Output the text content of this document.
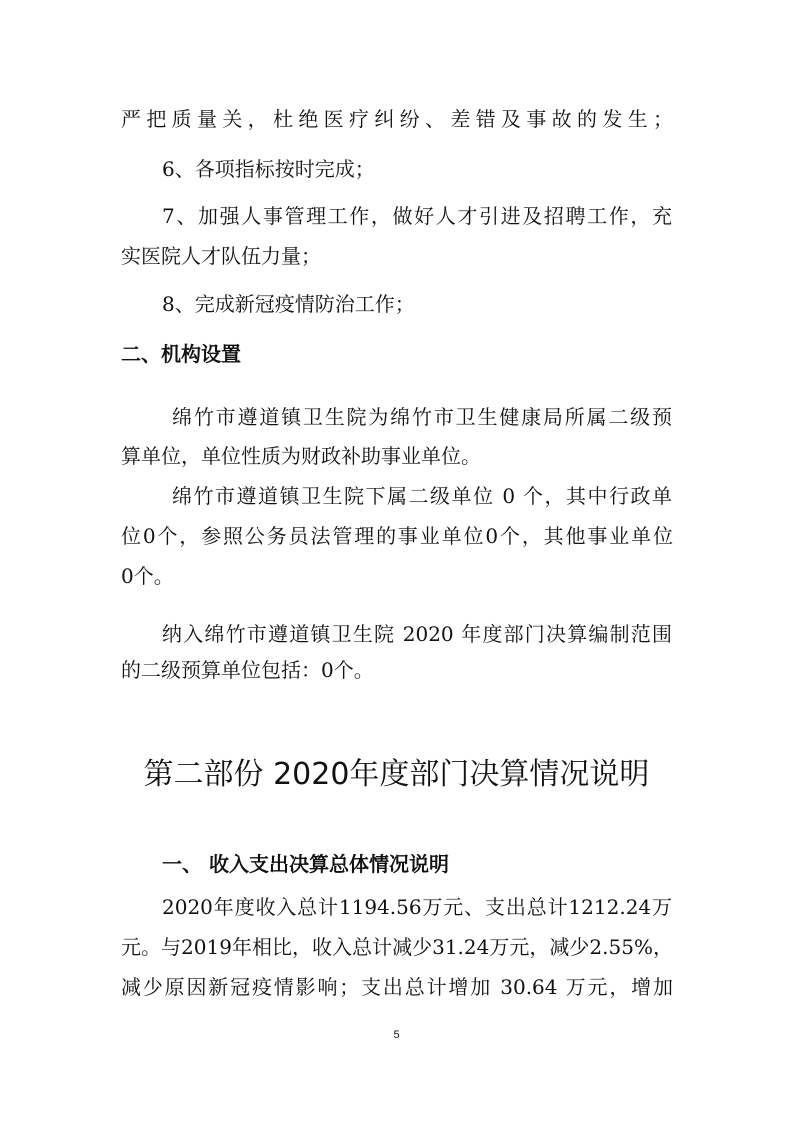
严把质量关，杜绝医疗纠纷、差错及事故的发生；
6、各项指标按时完成；
7、加强人事管理工作，做好人才引进及招聘工作，充
实医院人才队伍力量；
8、完成新冠疫情防治工作；
二、机构设置
绵竹市遵道镇卫生院为绵竹市卫生健康局所属二级预
算单位，单位性质为财政补助事业单位。
绵竹市遵道镇卫生院下属二级单位 0 个，其中行政单
位0个，参照公务员法管理的事业单位0个，其他事业单位
0个。
纳入绵竹市遵道镇卫生院 2020 年度部门决算编制范围
的二级预算单位包括：0个。
第二部份 2020年度部门决算情况说明
一、 收入支出决算总体情况说明
2020年度收入总计1194.56万元、支出总计1212.24万
元。与2019年相比，收入总计减少31.24万元，减少2.55%，
减少原因新冠疫情影响；支出总计增加 30.64 万元，增加
5
